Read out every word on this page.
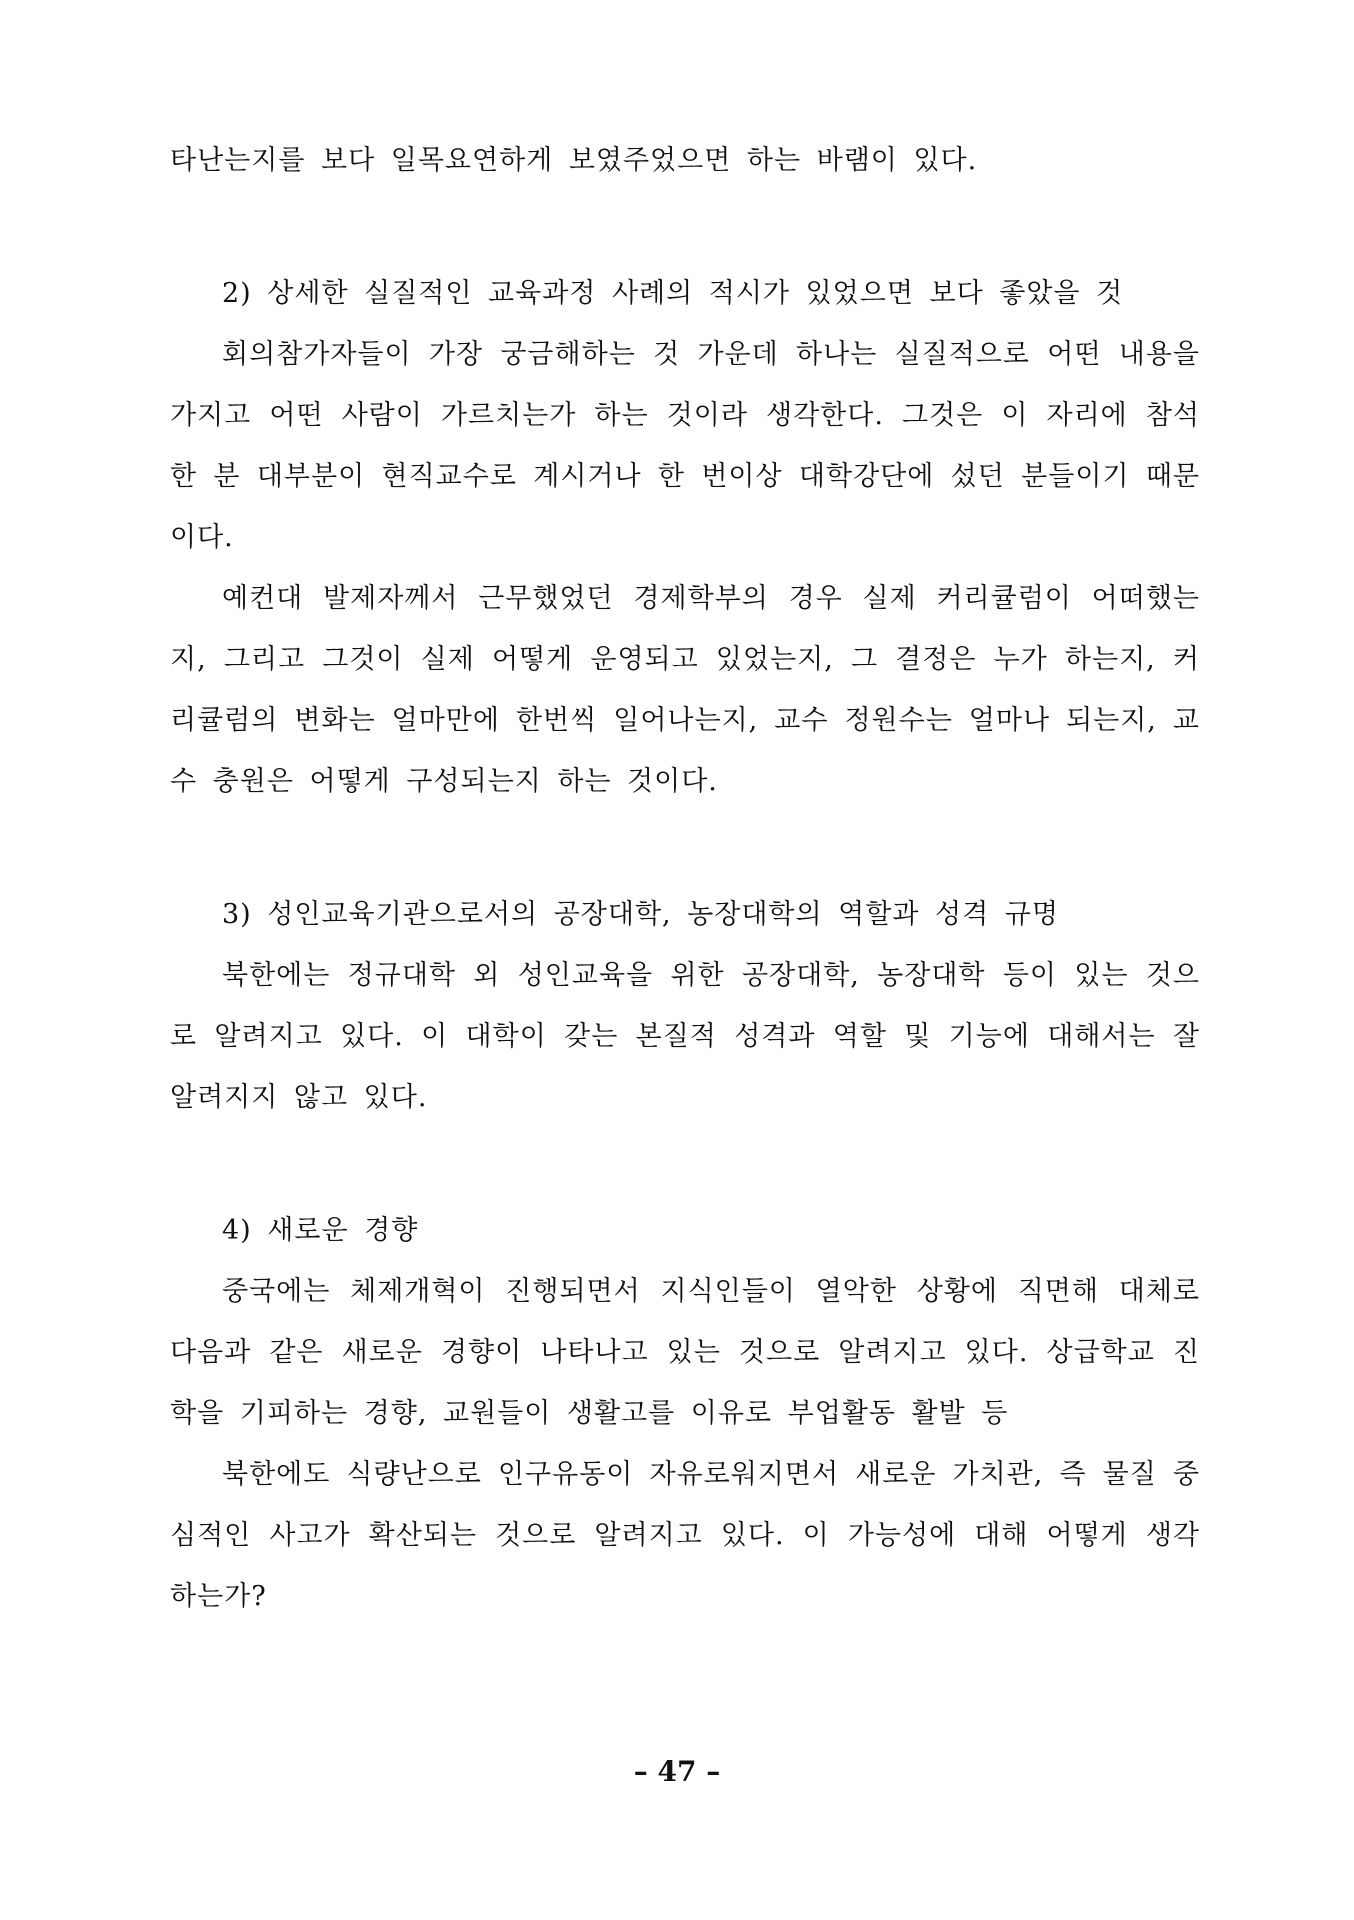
타난는지를 보다 일목요연하게 보였주었으면 하는 바램이 있다.

2) 상세한 실질적인 교육과정 사례의 적시가 있었으면 보다 좋았을 것

회의참가자들이 가장 궁금해하는 것 가운데 하나는 실질적으로 어떤 내용을 가지고 어떤 사람이 가르치는가 하는 것이라 생각한다. 그것은 이 자리에 참석한 분 대부분이 현직교수로 계시거나 한 번이상 대학강단에 섰던 분들이기 때문이다.

예컨대 발제자께서 근무했었던 경제학부의 경우 실제 커리큘럼이 어떠했는지, 그리고 그것이 실제 어떻게 운영되고 있었는지, 그 결정은 누가 하는지, 커리큘럼의 변화는 얼마만에 한번씩 일어나는지, 교수 정원수는 얼마나 되는지, 교수 충원은 어떻게 구성되는지 하는 것이다.

3) 성인교육기관으로서의 공장대학, 농장대학의 역할과 성격 규명

북한에는 정규대학 외 성인교육을 위한 공장대학, 농장대학 등이 있는 것으로 알려지고 있다. 이 대학이 갖는 본질적 성격과 역할 및 기능에 대해서는 잘 알려지지 않고 있다.

4) 새로운 경향

중국에는 체제개혁이 진행되면서 지식인들이 열악한 상황에 직면해 대체로 다음과 같은 새로운 경향이 나타나고 있는 것으로 알려지고 있다. 상급학교 진학을 기피하는 경향, 교원들이 생활고를 이유로 부업활동 활발 등

북한에도 식량난으로 인구유동이 자유로워지면서 새로운 가치관, 즉 물질 중심적인 사고가 확산되는 것으로 알려지고 있다. 이 가능성에 대해 어떻게 생각하는가?

– 47 –
